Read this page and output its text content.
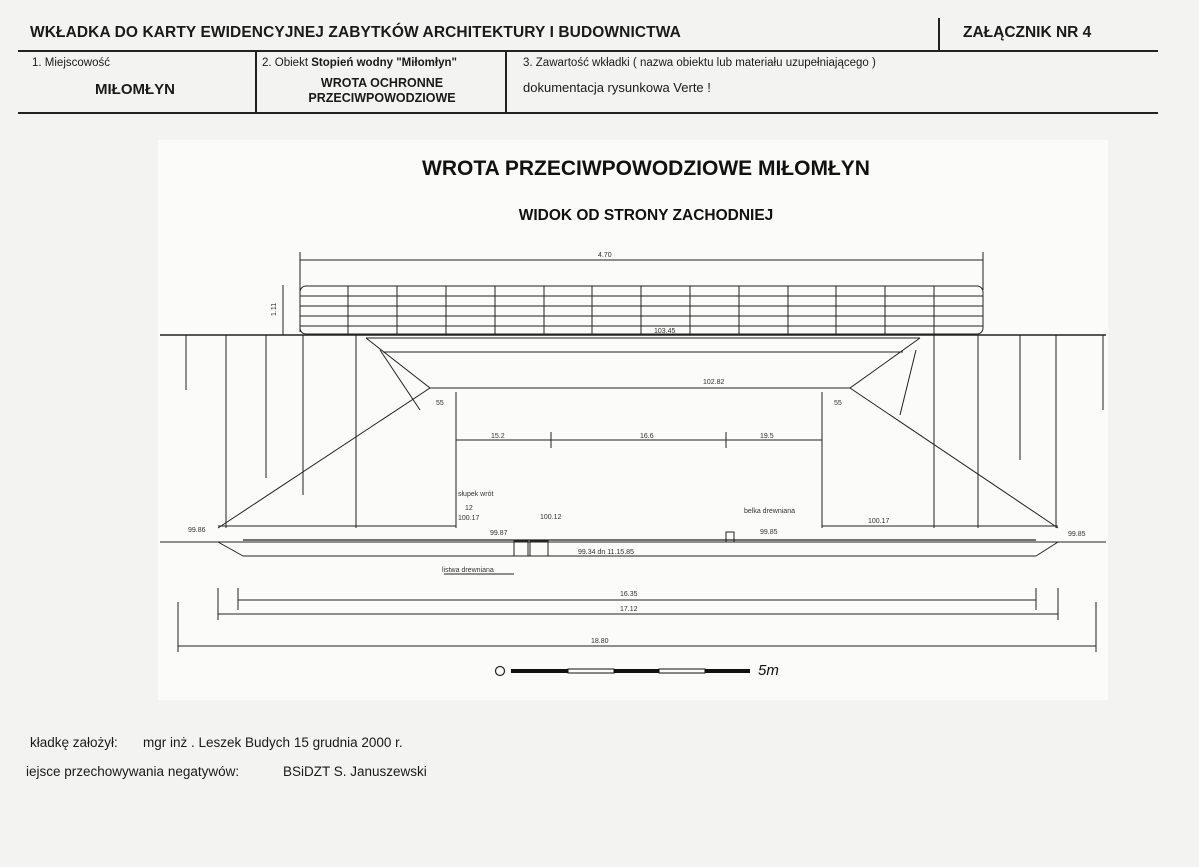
WKŁADKA DO KARTY EWIDENCYJNEJ ZABYTKÓW ARCHITEKTURY I BUDOWNICTWA	ZAŁĄCZNIK NR 4
1. Miejscowość
MIŁOMŁYN
2. Obiekt Stopień wodny "Miłomłyn"
WROTA OCHRONNE
PRZECIWPOWODZIOWE
3. Zawartość wkładki ( nazwa obiektu lub materiału uzupełniającego )
dokumentacja rysunkowa Verte !
WROTA PRZECIWPOWODZIOWE MIŁOMŁYN
WIDOK OD STRONY ZACHODNIEJ
5m
4.70
1.11
103.45
102.82
55	55
15.2	16.6	19.5
słupek wrót
12
100.17
99.87
100.12
belka drewniana
100.17
99.85
99.86
99.85
99.34 dn 11.15.85
listwa drewniana
16.35
17.12
18.80
kładkę założył: mgr inż . Leszek Budych 15 grudnia 2000 r.
iejsce przechowywania negatywów:	BSiDZT S. Januszewski
